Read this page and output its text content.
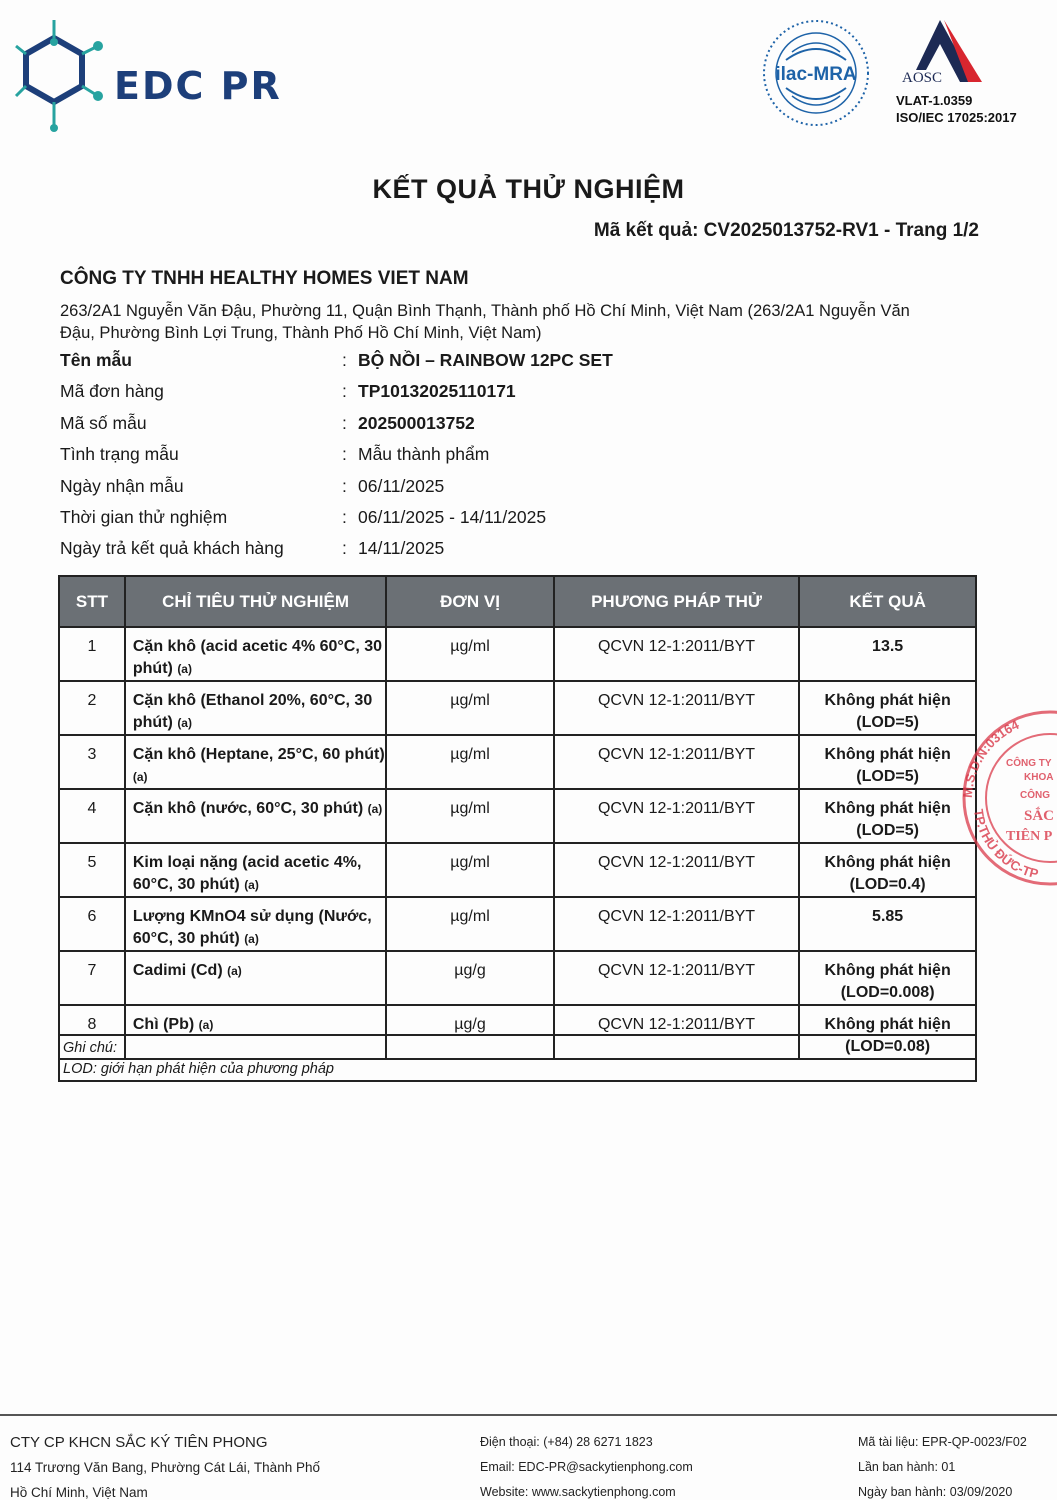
EDC PR	ilac-MRA	AOSC
VLAT-1.0359
ISO/IEC 17025:2017
KẾT QUẢ THỬ NGHIỆM
Mã kết quả: CV2025013752-RV1 - Trang 1/2
CÔNG TY TNHH HEALTHY HOMES VIET NAM
263/2A1 Nguyễn Văn Đậu, Phường 11, Quận Bình Thạnh, Thành phố Hồ Chí Minh, Việt Nam (263/2A1 Nguyễn Văn Đậu, Phường Bình Lợi Trung, Thành Phố Hồ Chí Minh, Việt Nam)
Tên mẫu	: BỘ NỒI – RAINBOW 12PC SET
Mã đơn hàng	: TP10132025110171
Mã số mẫu	: 202500013752
Tình trạng mẫu	: Mẫu thành phẩm
Ngày nhận mẫu	: 06/11/2025
Thời gian thử nghiệm	: 06/11/2025 - 14/11/2025
Ngày trả kết quả khách hàng	: 14/11/2025
STT	CHỈ TIÊU THỬ NGHIỆM	ĐƠN VỊ	PHƯƠNG PHÁP THỬ	KẾT QUẢ
1	Cặn khô (acid acetic 4% 60°C, 30 phút) (a)	µg/ml	QCVN 12-1:2011/BYT	13.5
2	Cặn khô (Ethanol 20%, 60°C, 30 phút) (a)	µg/ml	QCVN 12-1:2011/BYT	Không phát hiện (LOD=5)
3	Cặn khô (Heptane, 25°C, 60 phút) (a)	µg/ml	QCVN 12-1:2011/BYT	Không phát hiện (LOD=5)
4	Cặn khô (nước, 60°C, 30 phút) (a)	µg/ml	QCVN 12-1:2011/BYT	Không phát hiện (LOD=5)
5	Kim loại nặng (acid acetic 4%, 60°C, 30 phút) (a)	µg/ml	QCVN 12-1:2011/BYT	Không phát hiện (LOD=0.4)
6	Lượng KMnO4 sử dụng (Nước, 60°C, 30 phút) (a)	µg/ml	QCVN 12-1:2011/BYT	5.85
7	Cadimi (Cd) (a)	µg/g	QCVN 12-1:2011/BYT	Không phát hiện (LOD=0.008)
8	Chì (Pb) (a)	µg/g	QCVN 12-1:2011/BYT	Không phát hiện (LOD=0.08)
Ghi chú:
LOD: giới hạn phát hiện của phương pháp
M.S.D.N:03164
TP.THỦ ĐỨC-TP
CÔNG TY
KHOA
CÔNG
SẮC
TIÊN P
CTY CP KHCN SẮC KÝ TIÊN PHONG
114 Trương Văn Bang, Phường Cát Lái, Thành Phố
Hồ Chí Minh, Việt Nam
Điện thoại: (+84) 28 6271 1823
Email: EDC-PR@sackytienphong.com
Website: www.sackytienphong.com
Mã tài liệu: EPR-QP-0023/F02
Lần ban hành: 01
Ngày ban hành: 03/09/2020
